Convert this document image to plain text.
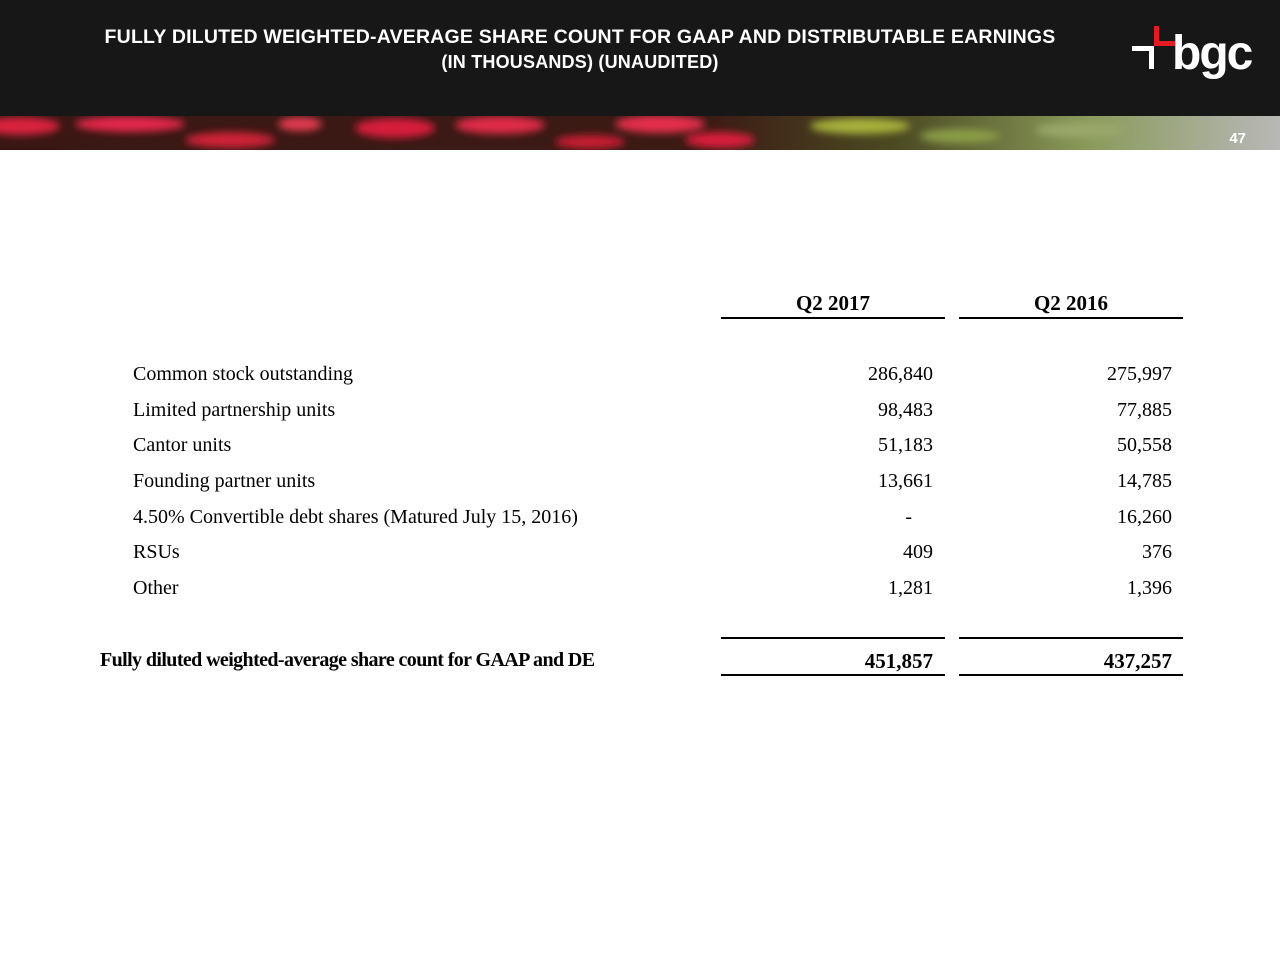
FULLY DILUTED WEIGHTED-AVERAGE SHARE COUNT FOR GAAP AND DISTRIBUTABLE EARNINGS
(IN THOUSANDS) (UNAUDITED)	bgc
47
Q2 2017	Q2 2016
Common stock outstanding	286,840	275,997
Limited partnership units	98,483	77,885
Cantor units	51,183	50,558
Founding partner units	13,661	14,785
4.50% Convertible debt shares (Matured July 15, 2016)	-	16,260
RSUs	409	376
Other	1,281	1,396
Fully diluted weighted-average share count for GAAP and DE	451,857	437,257
